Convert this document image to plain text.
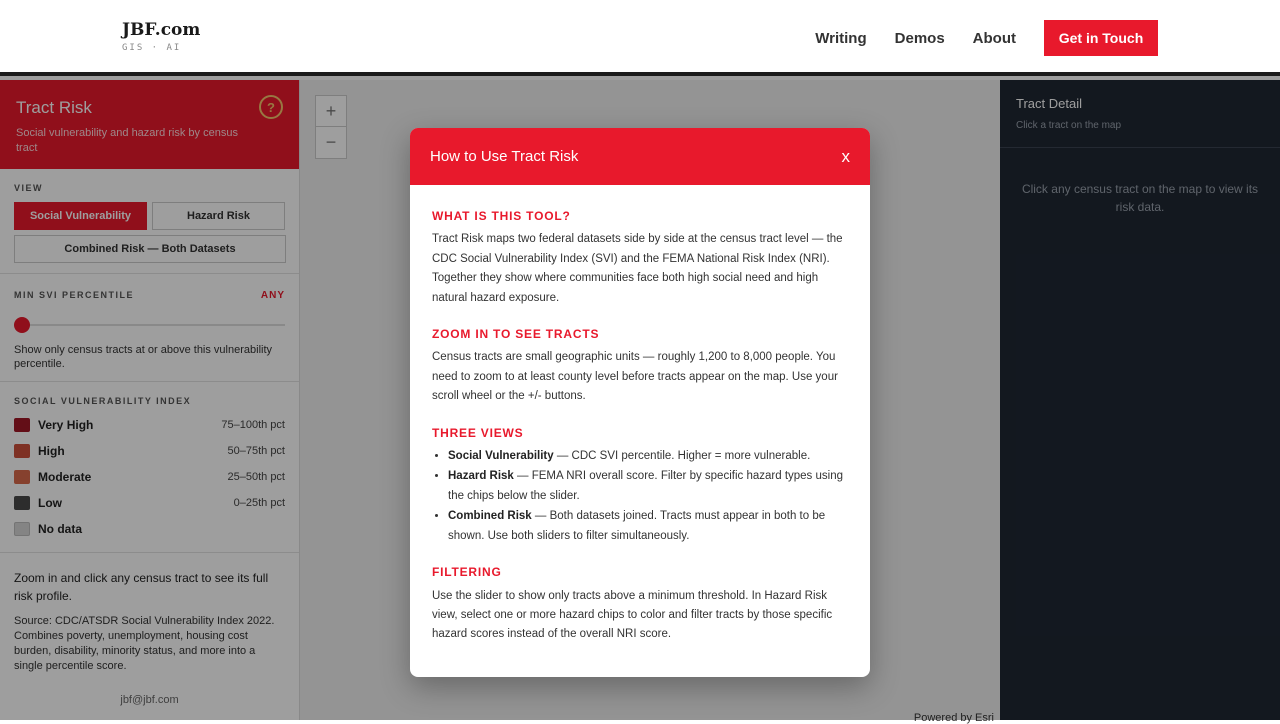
JBF.com
GIS · AI
Writing Demos About	Get in Touch
Tract Risk
Social vulnerability and hazard risk by census tract
?
VIEW
Social Vulnerability	Hazard Risk
Combined Risk — Both Datasets
MIN SVI PERCENTILE	ANY
Show only census tracts at or above this vulnerability percentile.
SOCIAL VULNERABILITY INDEX
Very High	75–100th pct
High	50–75th pct
Moderate	25–50th pct
Low	0–25th pct
No data
Zoom in and click any census tract to see its full risk profile.
Source: CDC/ATSDR Social Vulnerability Index 2022. Combines poverty, unemployment, housing cost burden, disability, minority status, and more into a single percentile score.
jbf@jbf.com
+
−
Powered by Esri
Tract Detail
Click a tract on the map
Click any census tract on the map to view its risk data.
How to Use Tract Risk	x
WHAT IS THIS TOOL?
Tract Risk maps two federal datasets side by side at the census tract level — the CDC Social Vulnerability Index (SVI) and the FEMA National Risk Index (NRI). Together they show where communities face both high social need and high natural hazard exposure.
ZOOM IN TO SEE TRACTS
Census tracts are small geographic units — roughly 1,200 to 8,000 people. You need to zoom to at least county level before tracts appear on the map. Use your scroll wheel or the +/- buttons.
THREE VIEWS
• Social Vulnerability — CDC SVI percentile. Higher = more vulnerable.
• Hazard Risk — FEMA NRI overall score. Filter by specific hazard types using the chips below the slider.
• Combined Risk — Both datasets joined. Tracts must appear in both to be shown. Use both sliders to filter simultaneously.
FILTERING
Use the slider to show only tracts above a minimum threshold. In Hazard Risk view, select one or more hazard chips to color and filter tracts by those specific hazard scores instead of the overall NRI score.
